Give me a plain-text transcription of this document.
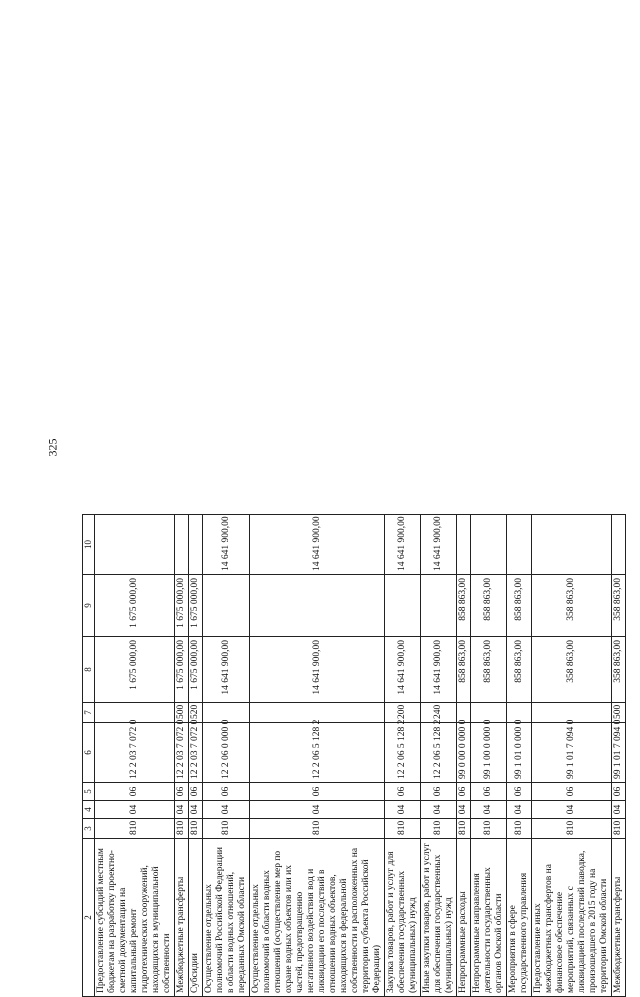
325
2	3	4	5	6	7	8	9	10
Предоставление субсидий местным бюджетам на разработку проектно-сметной документации на капитальный ремонт гидротехнических сооружений, находящихся в муниципальной собственности	810	04	06	12 2 03 7 072 0		1 675 000,00	1 675 000,00	
Межбюджетные трансферты	810	04	06	12 2 03 7 072 0	500	1 675 000,00	1 675 000,00	
Субсидии	810	04	06	12 2 03 7 072 0	520	1 675 000,00	1 675 000,00	
Осуществление отдельных полномочий Российской Федерации в области водных отношений, переданных Омской области	810	04	06	12 2 06 0 000 0		14 641 900,00		14 641 900,00
Осуществление отдельных полномочий в области водных отношений (осуществление мер по охране водных объектов или их частей, предотвращению негативного воздействия вод и ликвидации его последствий в отношении водных объектов, находящихся в федеральной собственности и расположенных на территории субъекта Российской Федерации)	810	04	06	12 2 06 5 128 2		14 641 900,00		14 641 900,00
Закупка товаров, работ и услуг для обеспечения государственных (муниципальных) нужд	810	04	06	12 2 06 5 128 2	200	14 641 900,00		14 641 900,00
Иные закупки товаров, работ и услуг для обеспечения государственных (муниципальных) нужд	810	04	06	12 2 06 5 128 2	240	14 641 900,00		14 641 900,00
Непрограммные расходы	810	04	06	99 0 00 0 000 0		858 863,00	858 863,00	
Непрограммные направления деятельности государственных органов Омской области	810	04	06	99 1 00 0 000 0		858 863,00	858 863,00	
Мероприятия в сфере государственного управления	810	04	06	99 1 01 0 000 0		858 863,00	858 863,00	
Предоставление иных межбюджетных трансфертов на финансовое обеспечение мероприятий, связанных с ликвидацией последствий паводка, произошедшего в 2015 году на территории Омской области	810	04	06	99 1 01 7 094 0		358 863,00	358 863,00	
Межбюджетные трансферты	810	04	06	99 1 01 7 094 0	500	358 863,00	358 863,00	
